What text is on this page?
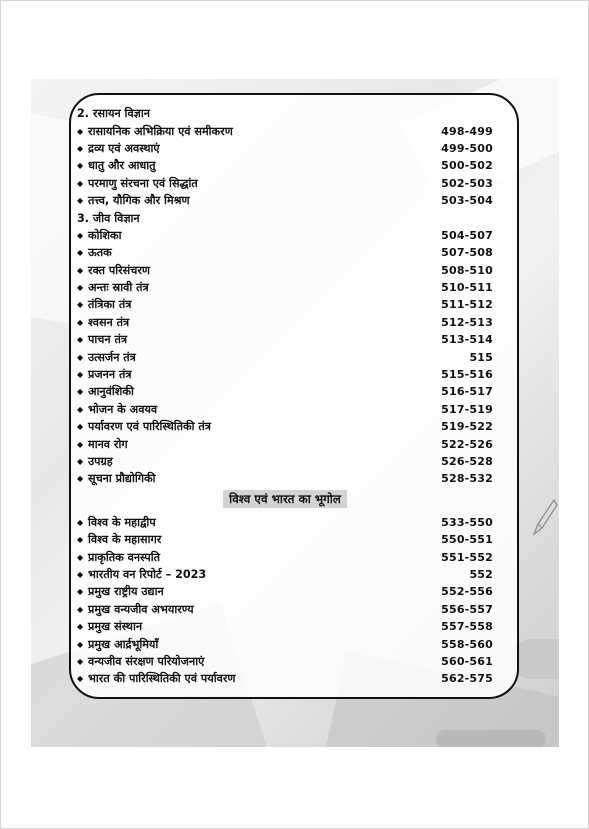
2. रसायन विज्ञान
◆ रासायनिक अभिक्रिया एवं समीकरण	498-499
◆ द्रव्य एवं अवस्थाएं	499-500
◆ धातु और आधातु	500-502
◆ परमाणु संरचना एवं सिद्धांत	502-503
◆ तत्त्व, यौगिक और मिश्रण	503-504
3. जीव विज्ञान
◆ कोशिका	504-507
◆ ऊतक	507-508
◆ रक्त परिसंचरण	508-510
◆ अन्तः स्रावी तंत्र	510-511
◆ तंत्रिका तंत्र	511-512
◆ श्वसन तंत्र	512-513
◆ पाचन तंत्र	513-514
◆ उत्सर्जन तंत्र	515
◆ प्रजनन तंत्र	515-516
◆ आनुवंशिकी	516-517
◆ भोजन के अवयव	517-519
◆ पर्यावरण एवं पारिस्थितिकी तंत्र	519-522
◆ मानव रोग	522-526
◆ उपग्रह	526-528
◆ सूचना प्रौद्योगिकी	528-532
विश्व एवं भारत का भूगोल
◆ विश्व के महाद्वीप	533-550
◆ विश्व के महासागर	550-551
◆ प्राकृतिक वनस्पति	551-552
◆ भारतीय वन रिपोर्ट – 2023	552
◆ प्रमुख राष्ट्रीय उद्यान	552-556
◆ प्रमुख वन्यजीव अभयारण्य	556-557
◆ प्रमुख संस्थान	557-558
◆ प्रमुख आर्द्रभूमियाँ	558-560
◆ वन्यजीव संरक्षण परियोजनाएं	560-561
◆ भारत की पारिस्थितिकी एवं पर्यावरण	562-575
